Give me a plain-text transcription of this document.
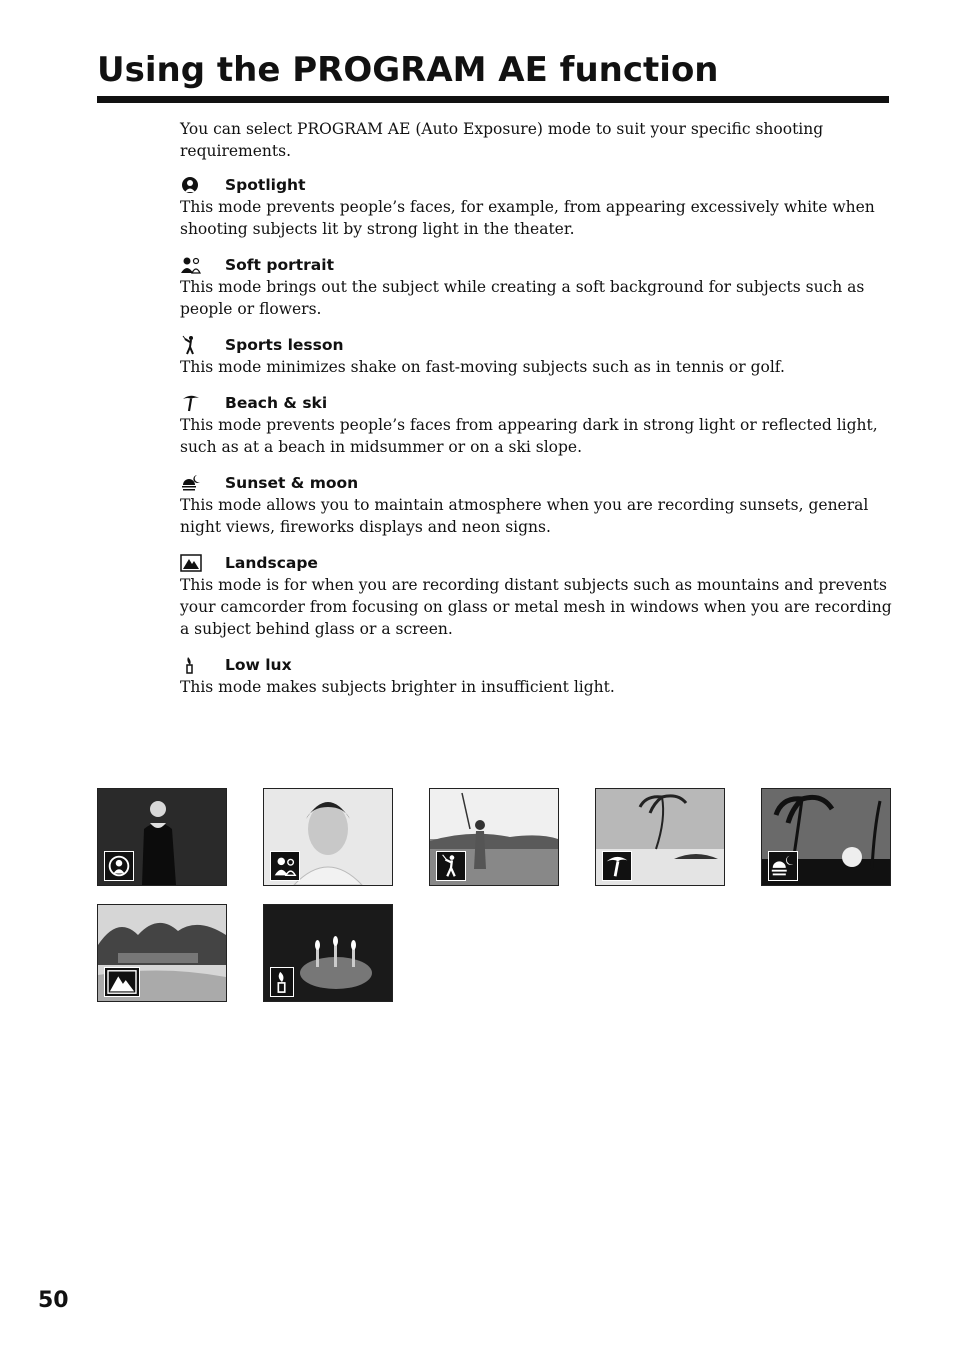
Using the PROGRAM AE function

You can select PROGRAM AE (Auto Exposure) mode to suit your specific shooting requirements.

Spotlight

This mode prevents people’s faces, for example, from appearing excessively white when shooting subjects lit by strong light in the theater.

Soft portrait

This mode brings out the subject while creating a soft background for subjects such as people or flowers.

Sports lesson

This mode minimizes shake on fast-moving subjects such as in tennis or golf.

Beach & ski

This mode prevents people’s faces from appearing dark in strong light or reflected light, such as at a beach in midsummer or on a ski slope.

Sunset & moon

This mode allows you to maintain atmosphere when you are recording sunsets, general night views, fireworks displays and neon signs.

Landscape

This mode is for when you are recording distant subjects such as mountains and prevents your camcorder from focusing on glass or metal mesh in windows when you are recording a subject behind glass or a screen.

Low lux

This mode makes subjects brighter in insufficient light.

50
